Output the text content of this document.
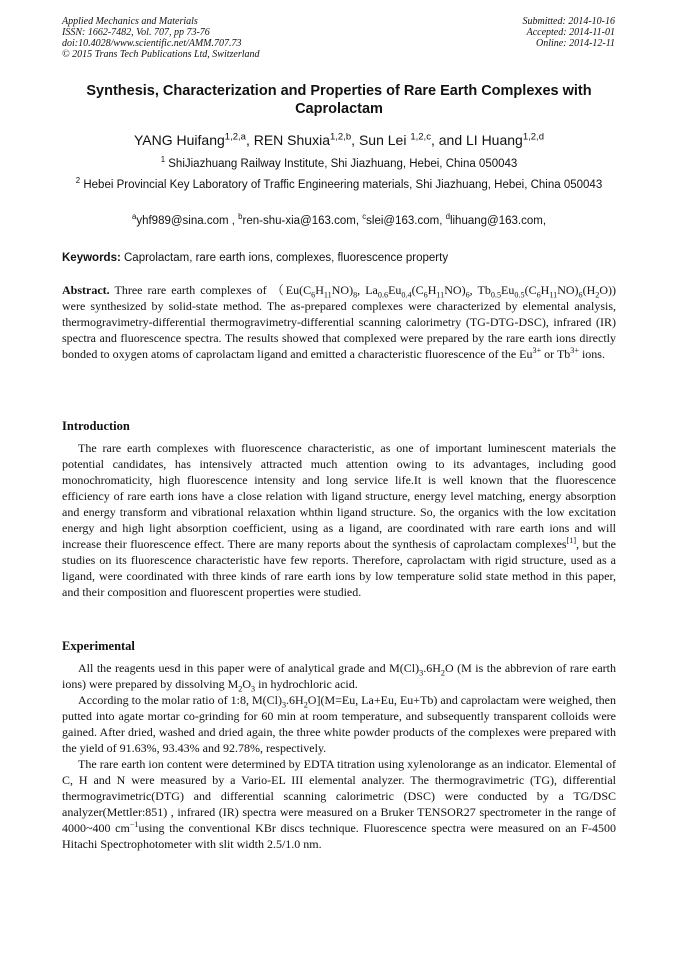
Applied Mechanics and Materials
ISSN: 1662-7482, Vol. 707, pp 73-76
doi:10.4028/www.scientific.net/AMM.707.73
© 2015 Trans Tech Publications Ltd, Switzerland
Submitted: 2014-10-16
Accepted: 2014-11-01
Online: 2014-12-11
Synthesis, Characterization and Properties of Rare Earth Complexes with Caprolactam
YANG Huifang$^{1,2,a}$, REN Shuxia$^{1,2,b}$, Sun Lei $^{1,2,c}$, and LI Huang$^{1,2,d}$
$^1$ ShiJiazhuang Railway Institute, Shi Jiazhuang, Hebei, China 050043
$^2$ Hebei Provincial Key Laboratory of Traffic Engineering materials, Shi Jiazhuang, Hebei, China 050043
$^a$yhf989@sina.com , $^b$ren-shu-xia@163.com, $^c$slei@163.com, $^d$lihuang@163.com,
Keywords: Caprolactam, rare earth ions, complexes, fluorescence property

Abstract. Three rare earth complexes of （$Eu(C_6H_{11}NO)_8$, $La_{0.6}Eu_{0.4}(C_6H_{11}NO)_6$, $Tb_{0.5}Eu_{0.5}(C_6H_{11}NO)_6(H_2O)$) were synthesized by solid-state method. The as-prepared complexes were characterized by elemental analysis, thermogravimetry-differential thermogravimetry-differential scanning calorimetry (TG-DTG-DSC), infrared (IR) spectra and fluorescence spectra. The results showed that complexed were prepared by the rare earth ions directly bonded to oxygen atoms of caprolactam ligand and emitted a characteristic fluorescence of the $Eu^{3+}$ or $Tb^{3+}$ ions.

Introduction

The rare earth complexes with fluorescence characteristic, as one of important luminescent materials the potential candidates, has intensively attracted much attention owing to its advantages, including good monochromaticity, high fluorescence intensity and long service life.It is well known that the fluorescence efficiency of rare earth ions have a close relation with ligand structure, energy level matching, energy absorption and energy transform and vibrational relaxation whthin ligand structure. So, the organics with the low excitation energy and high light absorption coefficient, using as a ligand, are coordinated with rare earth ions and will increase their fluorescence effect. There are many reports about the synthesis of caprolactam complexes[1], but the studies on its fluorescence characteristic have few reports. Therefore, caprolactam with rigid structure, used as a ligand, were coordinated with three kinds of rare earth ions by low temperature solid state method in this paper, and their composition and fluorescent properties were studied.

Experimental

All the reagents uesd in this paper were of analytical grade and $M(Cl)_3.6H_2O$ (M is the abbrevion of rare earth ions) were prepared by dissolving $M_2O_3$ in hydrochloric acid.

According to the molar ratio of 1:8, $M(Cl)_3.6H_2O](M=Eu$, La+Eu, Eu+Tb) and caprolactam were weighed, then putted into agate mortar co-grinding for 60 min at room temperature, and subsequently transparent colloids were gained. After dried, washed and dried again, the three white powder products of the complexes were prepared with the yield of 91.63%, 93.43% and 92.78%, respectively.

The rare earth ion content were determined by EDTA titration using xylenolorange as an indicator. Elemental of C, H and N were measured by a Vario-EL III elemental analyzer. The thermogravimetric (TG), differential thermogravimetric(DTG) and differential scanning calorimetric (DSC) were conducted by a TG/DSC analyzer(Mettler:851) , infrared (IR) spectra were measured on a Bruker TENSOR27 spectrometer in the range of 4000~400 $cm^{-1}using$ the conventional KBr discs technique. Fluorescence spectra were measured on an F-4500 Hitachi Spectrophotometer with slit width 2.5/1.0 nm.
